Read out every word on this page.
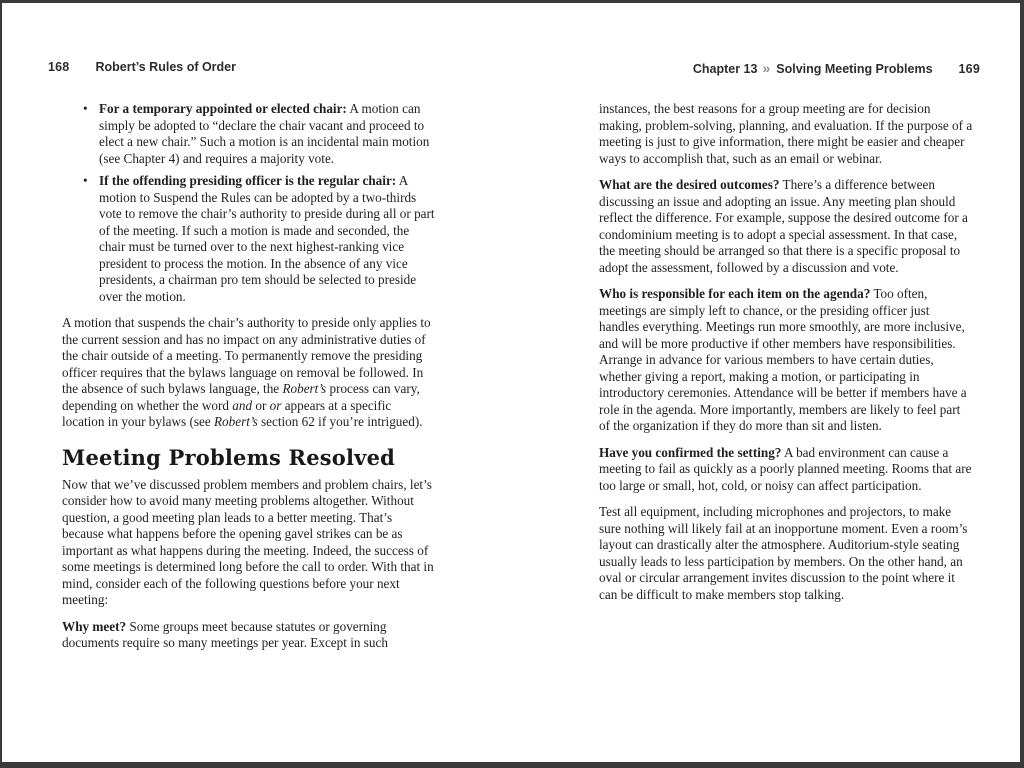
168 Robert’s Rules of Order	Chapter 13 » Solving Meeting Problems 169
• For a temporary appointed or elected chair: A motion can simply be adopted to “declare the chair vacant and proceed to elect a new chair.” Such a motion is an incidental main motion (see Chapter 4) and requires a majority vote.
• If the offending presiding officer is the regular chair: A motion to Suspend the Rules can be adopted by a two-thirds vote to remove the chair’s authority to preside during all or part of the meeting. If such a motion is made and seconded, the chair must be turned over to the next highest-ranking vice president to process the motion. In the absence of any vice presidents, a chairman pro tem should be selected to preside over the motion.

A motion that suspends the chair’s authority to preside only applies to the current session and has no impact on any administrative duties of the chair outside of a meeting. To permanently remove the presiding officer requires that the bylaws language on removal be followed. In the absence of such bylaws language, the Robert’s process can vary, depending on whether the word and or or appears at a specific location in your bylaws (see Robert’s section 62 if you’re intrigued).

Meeting Problems Resolved

Now that we’ve discussed problem members and problem chairs, let’s consider how to avoid many meeting problems altogether. Without question, a good meeting plan leads to a better meeting. That’s because what happens before the opening gavel strikes can be as important as what happens during the meeting. Indeed, the success of some meetings is determined long before the call to order. With that in mind, consider each of the following questions before your next meeting:

Why meet? Some groups meet because statutes or governing documents require so many meetings per year. Except in such

instances, the best reasons for a group meeting are for decision making, problem-solving, planning, and evaluation. If the purpose of a meeting is just to give information, there might be easier and cheaper ways to accomplish that, such as an email or webinar.

What are the desired outcomes? There’s a difference between discussing an issue and adopting an issue. Any meeting plan should reflect the difference. For example, suppose the desired outcome for a condominium meeting is to adopt a special assessment. In that case, the meeting should be arranged so that there is a specific proposal to adopt the assessment, followed by a discussion and vote.

Who is responsible for each item on the agenda? Too often, meetings are simply left to chance, or the presiding officer just handles everything. Meetings run more smoothly, are more inclusive, and will be more productive if other members have responsibilities. Arrange in advance for various members to have certain duties, whether giving a report, making a motion, or participating in introductory ceremonies. Attendance will be better if members have a role in the agenda. More importantly, members are likely to feel part of the organization if they do more than sit and listen.

Have you confirmed the setting? A bad environment can cause a meeting to fail as quickly as a poorly planned meeting. Rooms that are too large or small, hot, cold, or noisy can affect participation.

Test all equipment, including microphones and projectors, to make sure nothing will likely fail at an inopportune moment. Even a room’s layout can drastically alter the atmosphere. Auditorium-style seating usually leads to less participation by members. On the other hand, an oval or circular arrangement invites discussion to the point where it can be difficult to make members stop talking.
